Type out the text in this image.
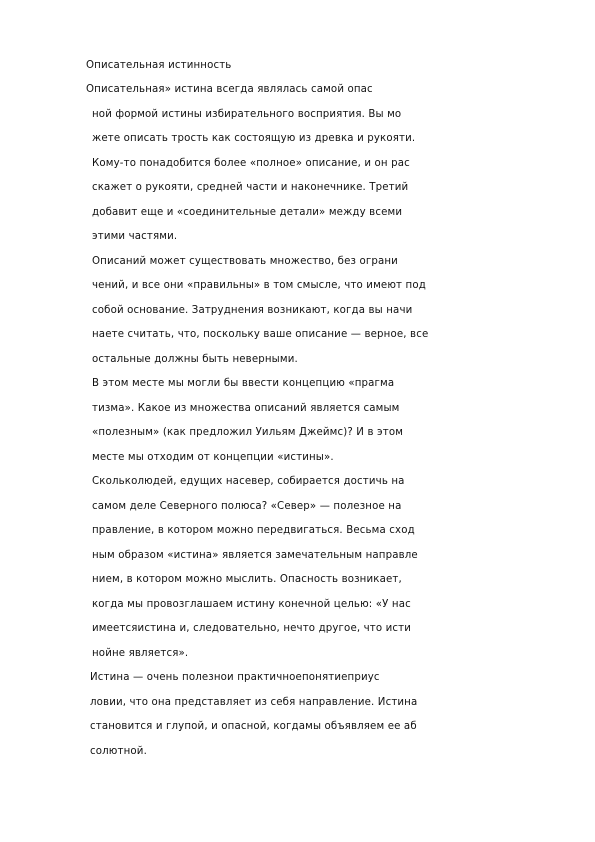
Описательная истинность
Описательная» истина всегда являлась самой опас
ной формой истины избирательного восприятия. Вы мо
жете описать трость как состоящую из древка и рукояти.
Кому-то понадобится более «полное» описание, и он рас
скажет о рукояти, средней части и наконечнике. Третий
добавит еще и «соединительные детали» между всеми
этими частями.
Описаний может существовать множество, без ограни
чений, и все они «правильны» в том смысле, что имеют под
собой основание. Затруднения возникают, когда вы начи
наете считать, что, поскольку ваше описание — верное, все
остальные должны быть неверными.
В этом месте мы могли бы ввести концепцию «прагма
тизма». Какое из множества описаний является самым
«полезным» (как предложил Уильям Джеймс)? И в этом
месте мы отходим от концепции «истины».
Скольколюдей, едущих насевер, собирается достичь на
самом деле Северного полюса? «Север» — полезное на
правление, в котором можно передвигаться. Весьма сход
ным образом «истина» является замечательным направле
нием, в котором можно мыслить. Опасность возникает,
когда мы провозглашаем истину конечной целью: «У нас
имеетсяистина и, следовательно, нечто другое, что исти
нойне является».
Истина — очень полезнои практичноепонятиеприус
ловии, что она представляет из себя направление. Истина
становится и глупой, и опасной, когдамы объявляем ее аб
солютной.
